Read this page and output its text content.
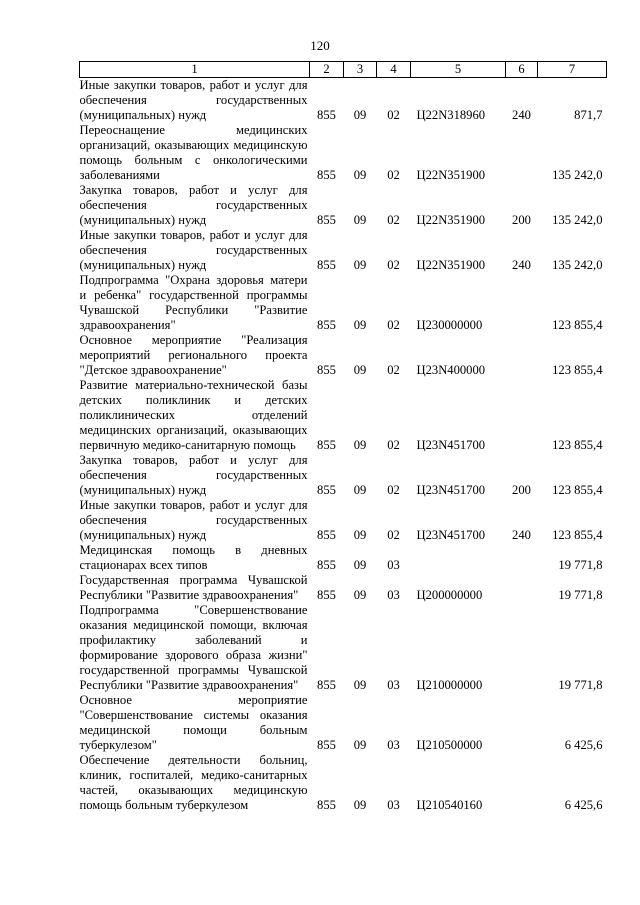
120
1	2	3	4	5	6	7
Иные закупки товаров, работ и услуг для обеспечения государственных (муниципальных) нужд	855	09	02	Ц22N318960	240	871,7
Переоснащение медицинских организаций, оказывающих медицинскую помощь больным с онкологическими заболеваниями	855	09	02	Ц22N351900		135 242,0
Закупка товаров, работ и услуг для обеспечения государственных (муниципальных) нужд	855	09	02	Ц22N351900	200	135 242,0
Иные закупки товаров, работ и услуг для обеспечения государственных (муниципальных) нужд	855	09	02	Ц22N351900	240	135 242,0
Подпрограмма "Охрана здоровья матери и ребенка" государственной программы Чувашской Республики "Развитие здравоохранения"	855	09	02	Ц230000000		123 855,4
Основное мероприятие "Реализация мероприятий регионального проекта "Детское здравоохранение"	855	09	02	Ц23N400000		123 855,4
Развитие материально-технической базы детских поликлиник и детских поликлинических отделений медицинских организаций, оказывающих первичную медико-санитарную помощь	855	09	02	Ц23N451700		123 855,4
Закупка товаров, работ и услуг для обеспечения государственных (муниципальных) нужд	855	09	02	Ц23N451700	200	123 855,4
Иные закупки товаров, работ и услуг для обеспечения государственных (муниципальных) нужд	855	09	02	Ц23N451700	240	123 855,4
Медицинская помощь в дневных стационарах всех типов	855	09	03			19 771,8
Государственная программа Чувашской Республики "Развитие здравоохранения"	855	09	03	Ц200000000		19 771,8
Подпрограмма "Совершенствование оказания медицинской помощи, включая профилактику заболеваний и формирование здорового образа жизни" государственной программы Чувашской Республики "Развитие здравоохранения"	855	09	03	Ц210000000		19 771,8
Основное мероприятие "Совершенствование системы оказания медицинской помощи больным туберкулезом"	855	09	03	Ц210500000		6 425,6
Обеспечение деятельности больниц, клиник, госпиталей, медико-санитарных частей, оказывающих медицинскую помощь больным туберкулезом	855	09	03	Ц210540160		6 425,6
